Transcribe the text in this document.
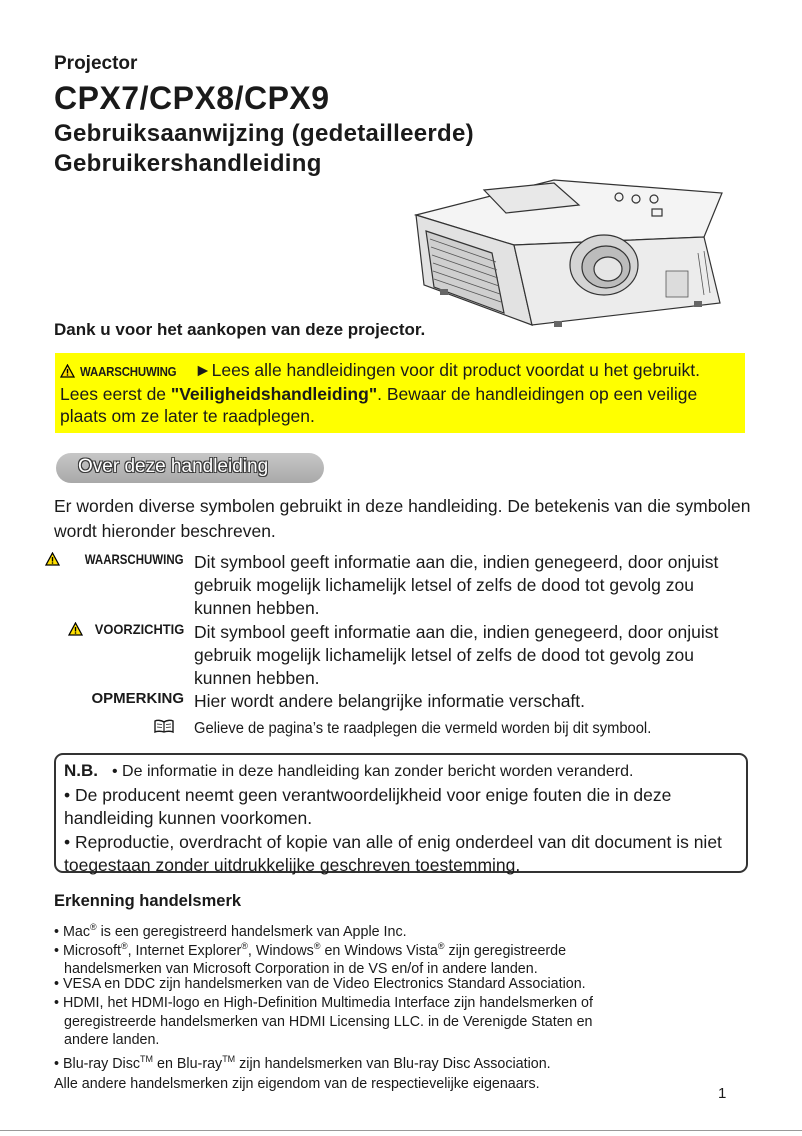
Projector
CPX7/CPX8/CPX9
Gebruiksaanwijzing (gedetailleerde)
Gebruikershandleiding
Dank u voor het aankopen van deze projector.
WAARSCHUWING ►Lees alle handleidingen voor dit product voordat u het gebruikt. Lees eerst de "Veiligheidshandleiding". Bewaar de handleidingen op een veilige plaats om ze later te raadplegen.
Over deze handleiding
Er worden diverse symbolen gebruikt in deze handleiding. De betekenis van die symbolen wordt hieronder beschreven.
WAARSCHUWING Dit symbool geeft informatie aan die, indien genegeerd, door onjuist gebruik mogelijk lichamelijk letsel of zelfs de dood tot gevolg zou kunnen hebben.
VOORZICHTIG Dit symbool geeft informatie aan die, indien genegeerd, door onjuist gebruik mogelijk lichamelijk letsel of zelfs de dood tot gevolg zou kunnen hebben.
OPMERKING Hier wordt andere belangrijke informatie verschaft.
Gelieve de pagina’s te raadplegen die vermeld worden bij dit symbool.
N.B. • De informatie in deze handleiding kan zonder bericht worden veranderd.
• De producent neemt geen verantwoordelijkheid voor enige fouten die in deze handleiding kunnen voorkomen.
• Reproductie, overdracht of kopie van alle of enig onderdeel van dit document is niet toegestaan zonder uitdrukkelijke geschreven toestemming.
Erkenning handelsmerk
• Mac® is een geregistreerd handelsmerk van Apple Inc.
• Microsoft®, Internet Explorer®, Windows® en Windows Vista® zijn geregistreerde
handelsmerken van Microsoft Corporation in de VS en/of in andere landen.
• VESA en DDC zijn handelsmerken van de Video Electronics Standard Association.
• HDMI, het HDMI-logo en High-Definition Multimedia Interface zijn handelsmerken of
geregistreerde handelsmerken van HDMI Licensing LLC. in de Verenigde Staten en
andere landen.
• Blu-ray Disc™ en Blu-ray™ zijn handelsmerken van Blu-ray Disc Association.
Alle andere handelsmerken zijn eigendom van de respectievelijke eigenaars.
1
